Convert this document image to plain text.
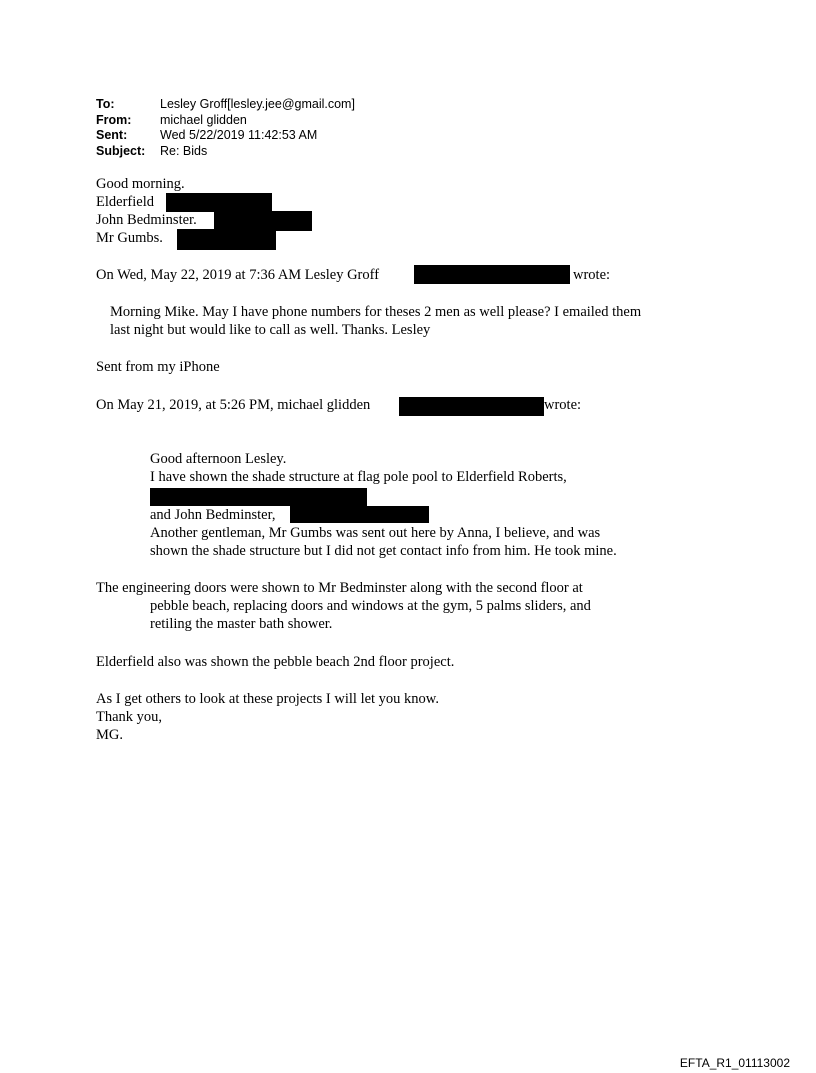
To:	Lesley Groff[lesley.jee@gmail.com]
From:	michael glidden
Sent:	Wed 5/22/2019 11:42:53 AM
Subject:	Re: Bids
Good morning.
Elderfield
John Bedminster.
Mr Gumbs.
On Wed, May 22, 2019 at 7:36 AM Lesley Groff	wrote:
Morning Mike. May I have phone numbers for theses 2 men as well please? I emailed them
last night but would like to call as well. Thanks. Lesley
Sent from my iPhone
On May 21, 2019, at 5:26 PM, michael glidden	wrote:
Good afternoon Lesley.
I have shown the shade structure at flag pole pool to Elderfield Roberts,
and John Bedminster,
Another gentleman, Mr Gumbs was sent out here by Anna, I believe, and was
shown the shade structure but I did not get contact info from him. He took mine.
The engineering doors were shown to Mr Bedminster along with the second floor at
pebble beach, replacing doors and windows at the gym, 5 palms sliders, and
retiling the master bath shower.
Elderfield also was shown the pebble beach 2nd floor project.
As I get others to look at these projects I will let you know.
Thank you,
MG.
EFTA_R1_01113002
